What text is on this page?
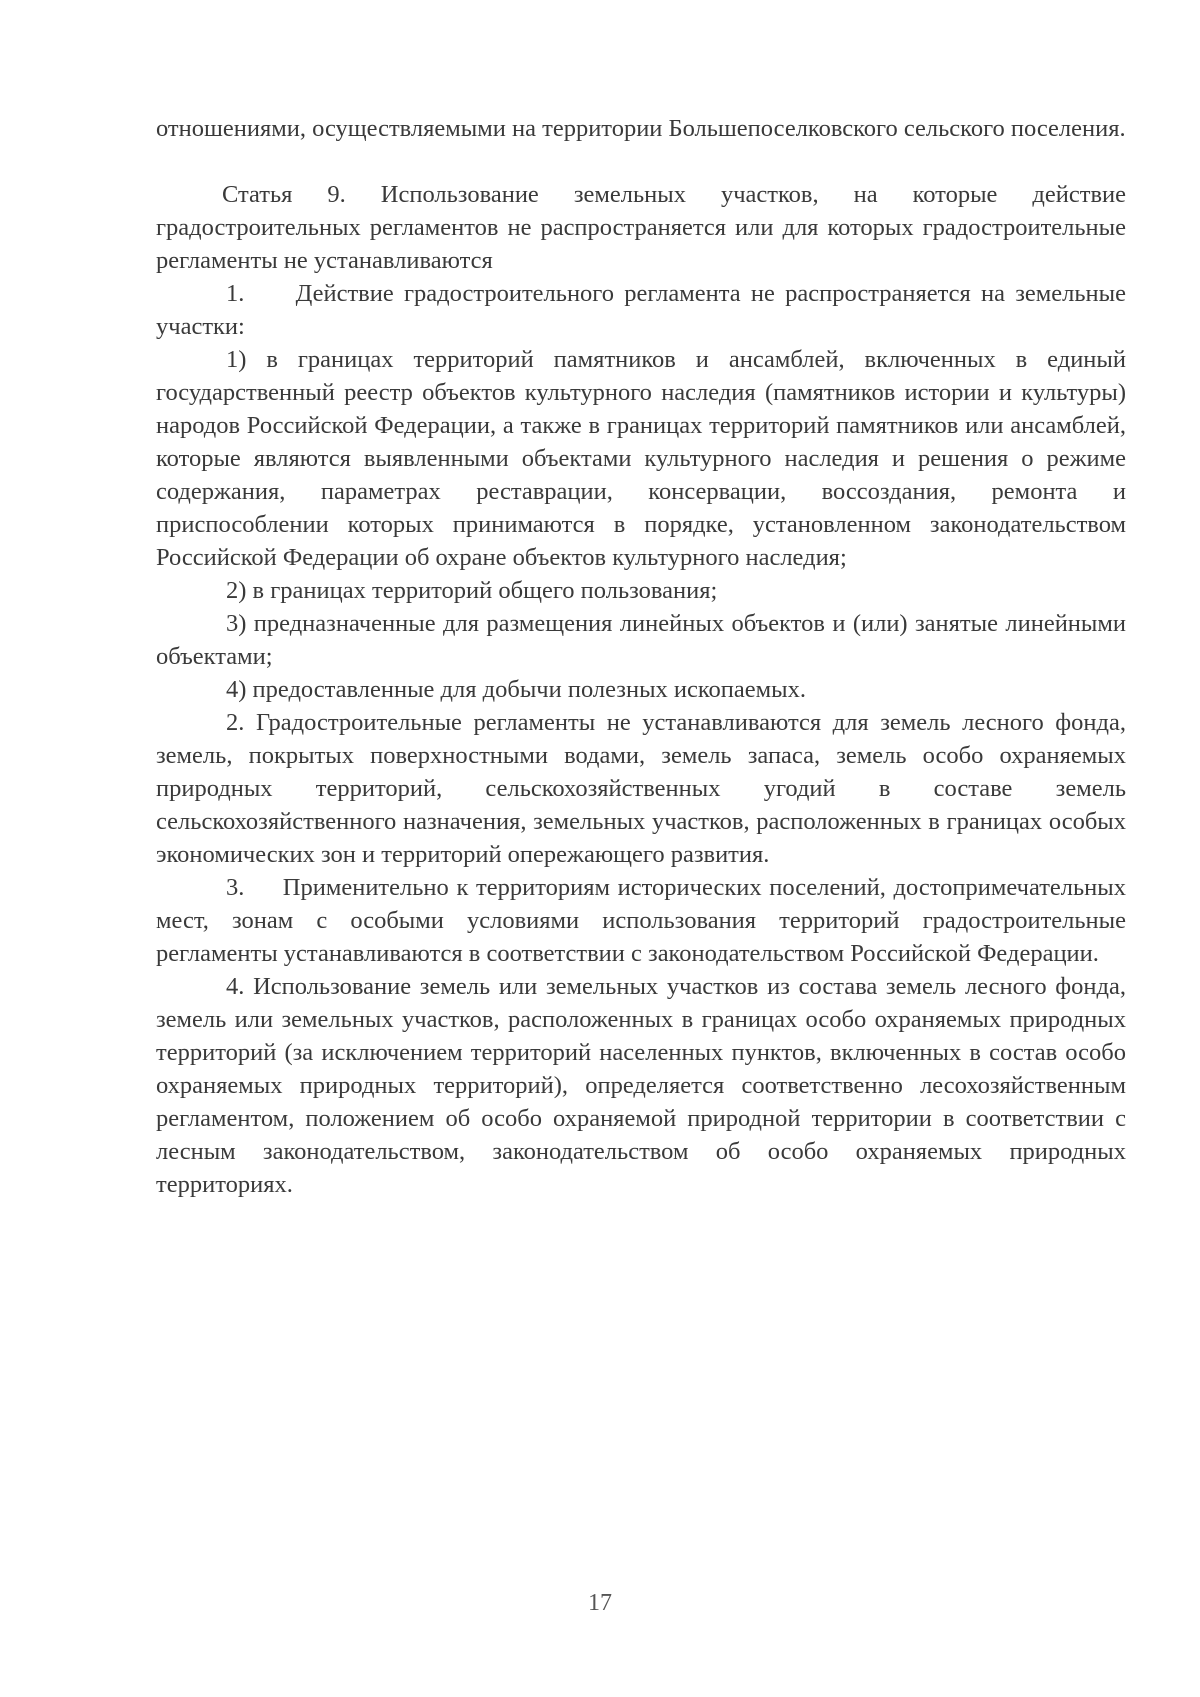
отношениями, осуществляемыми на территории Большепоселковского сельского поселения.

Статья 9. Использование земельных участков, на которые действие градостроительных регламентов не распространяется или для которых градостроительные регламенты не устанавливаются

1.     Действие градостроительного регламента не распространяется на земельные участки:

1) в границах территорий памятников и ансамблей, включенных в единый государственный реестр объектов культурного наследия (памятников истории и культуры) народов Российской Федерации, а также в границах территорий памятников или ансамблей, которые являются выявленными объектами культурного наследия и решения о режиме содержания, параметрах реставрации, консервации, воссоздания, ремонта и приспособлении которых принимаются в порядке, установленном законодательством Российской Федерации об охране объектов культурного наследия;

2) в границах территорий общего пользования;

3) предназначенные для размещения линейных объектов и (или) занятые линейными объектами;

4) предоставленные для добычи полезных ископаемых.

2. Градостроительные регламенты не устанавливаются для земель лесного фонда, земель, покрытых поверхностными водами, земель запаса, земель особо охраняемых природных территорий, сельскохозяйственных угодий в составе земель сельскохозяйственного назначения, земельных участков, расположенных в границах особых экономических зон и территорий опережающего развития.

3.     Применительно к территориям исторических поселений, достопримечательных мест, зонам с особыми условиями использования территорий градостроительные регламенты устанавливаются в соответствии с законодательством Российской Федерации.

4. Использование земель или земельных участков из состава земель лесного фонда, земель или земельных участков, расположенных в границах особо охраняемых природных территорий (за исключением территорий населенных пунктов, включенных в состав особо охраняемых природных территорий), определяется соответственно лесохозяйственным регламентом, положением об особо охраняемой природной территории в соответствии с лесным законодательством, законодательством об особо охраняемых природных территориях.

17
